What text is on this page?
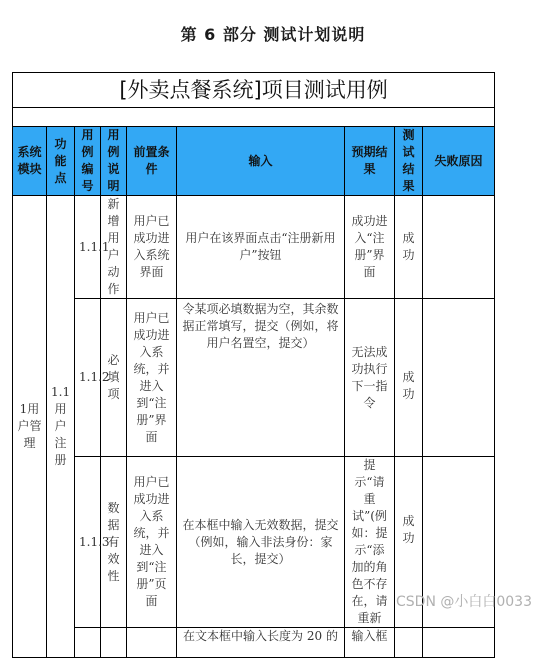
第 6 部分 测试计划说明
[外卖点餐系统]项目测试用例								

系统模块	功能点	用例编号	用例说明	前置条件	输入	预期结果	测试结果	失败原因
1用户管理	1.1用户注册	1.1.1	新增用户动作	用户已成功进入系统界面	用户在该界面点击“注册新用户”按钮	成功进入“注册”界面	成功	
		1.1.2	必填项	用户已成功进入系统，并进入到“注册”界面	令某项必填数据为空，其余数据正常填写，提交（例如，将用户名置空，提交）	无法成功执行下一指令	成功	
		1.1.3	数据有效性	用户已成功进入系统，并进入到“注册”页面	在本框中输入无效数据，提交（例如，输入非法身份：家长，提交）	提示“请重试”(例如：提示“添加的角色不存在，请重新	成功	

					在文本框中输入长度为 20 的	输入框		

CSDN @小白白0033
